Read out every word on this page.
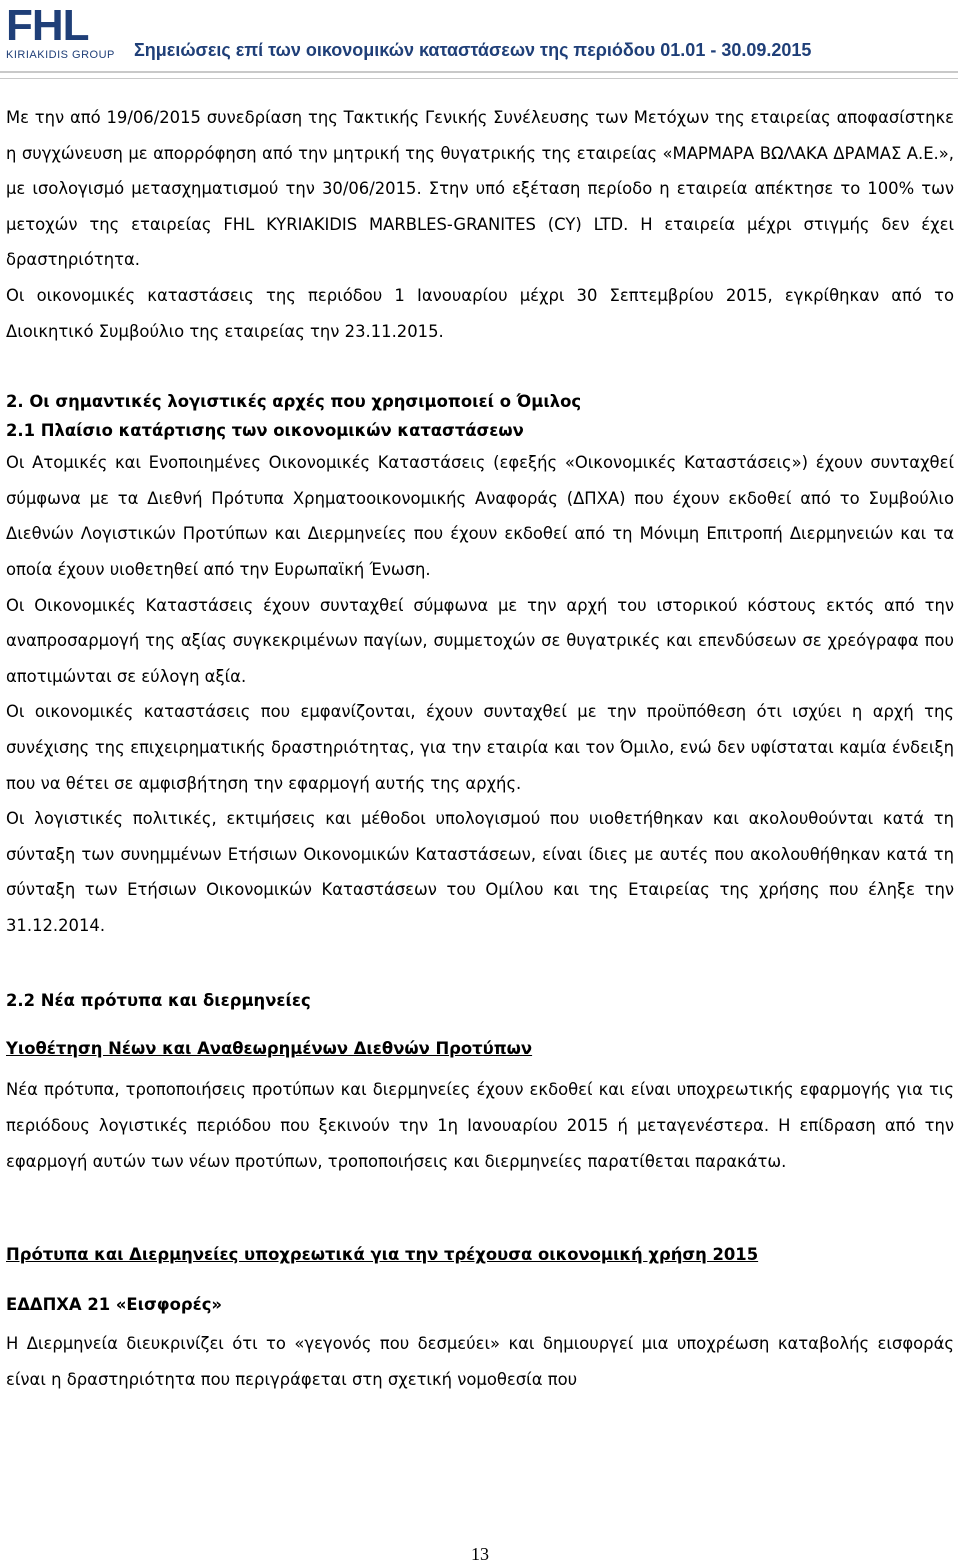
FHL
KIRIAKIDIS GROUP	Σημειώσεις επί των οικονομικών καταστάσεων της περιόδου 01.01 - 30.09.2015

Με την από 19/06/2015 συνεδρίαση της Τακτικής Γενικής Συνέλευσης των Μετόχων της εταιρείας αποφασίστηκε η συγχώνευση με απορρόφηση από την μητρική της θυγατρικής της εταιρείας «ΜΑΡΜΑΡΑ ΒΩΛΑΚΑ ΔΡΑΜΑΣ Α.Ε.», με ισολογισμό μετασχηματισμού την 30/06/2015. Στην υπό εξέταση περίοδο η εταιρεία απέκτησε το 100% των μετοχών της εταιρείας FHL KYRIAKIDIS MARBLES-GRANITES (CY) LTD. Η εταιρεία μέχρι στιγμής δεν έχει δραστηριότητα.

Οι οικονομικές καταστάσεις της περιόδου 1 Ιανουαρίου μέχρι 30 Σεπτεμβρίου 2015, εγκρίθηκαν από το Διοικητικό Συμβούλιο της εταιρείας την 23.11.2015.

2. Οι σημαντικές λογιστικές αρχές που χρησιμοποιεί ο Όμιλος
2.1 Πλαίσιο κατάρτισης των οικονομικών καταστάσεων

Οι Ατομικές και Ενοποιημένες Οικονομικές Καταστάσεις (εφεξής «Οικονομικές Καταστάσεις») έχουν συνταχθεί σύμφωνα με τα Διεθνή Πρότυπα Χρηματοοικονομικής Αναφοράς (ΔΠΧΑ) που έχουν εκδοθεί από το Συμβούλιο Διεθνών Λογιστικών Προτύπων και Διερμηνείες που έχουν εκδοθεί από τη Μόνιμη Επιτροπή Διερμηνειών και τα οποία έχουν υιοθετηθεί από την Ευρωπαϊκή Ένωση.

Οι Οικονομικές Καταστάσεις έχουν συνταχθεί σύμφωνα με την αρχή του ιστορικού κόστους εκτός από την αναπροσαρμογή της αξίας συγκεκριμένων παγίων, συμμετοχών σε θυγατρικές και επενδύσεων σε χρεόγραφα που αποτιμώνται σε εύλογη αξία.

Οι οικονομικές καταστάσεις που εμφανίζονται, έχουν συνταχθεί με την προϋπόθεση ότι ισχύει η αρχή της συνέχισης της επιχειρηματικής δραστηριότητας, για την εταιρία και τον Όμιλο, ενώ δεν υφίσταται καμία ένδειξη που να θέτει σε αμφισβήτηση την εφαρμογή αυτής της αρχής.

Οι λογιστικές πολιτικές, εκτιμήσεις και μέθοδοι υπολογισμού που υιοθετήθηκαν και ακολουθούνται κατά τη σύνταξη των συνημμένων Ετήσιων Οικονομικών Καταστάσεων, είναι ίδιες με αυτές που ακολουθήθηκαν κατά τη σύνταξη των Ετήσιων Οικονομικών Καταστάσεων του Ομίλου και της Εταιρείας της χρήσης που έληξε την 31.12.2014.

2.2 Νέα πρότυπα και διερμηνείες
Υιοθέτηση Νέων και Αναθεωρημένων Διεθνών Προτύπων

Νέα πρότυπα, τροποποιήσεις προτύπων και διερμηνείες έχουν εκδοθεί και είναι υποχρεωτικής εφαρμογής για τις περιόδους λογιστικές περιόδου που ξεκινούν την 1η Ιανουαρίου 2015 ή μεταγενέστερα. Η επίδραση από την εφαρμογή αυτών των νέων προτύπων, τροποποιήσεις και διερμηνείες παρατίθεται παρακάτω.

Πρότυπα και Διερμηνείες υποχρεωτικά για την τρέχουσα οικονομική χρήση 2015
ΕΔΔΠΧΑ 21 «Εισφορές»

Η Διερμηνεία διευκρινίζει ότι το «γεγονός που δεσμεύει» και δημιουργεί μια υποχρέωση καταβολής εισφοράς είναι η δραστηριότητα που περιγράφεται στη σχετική νομοθεσία που

13
